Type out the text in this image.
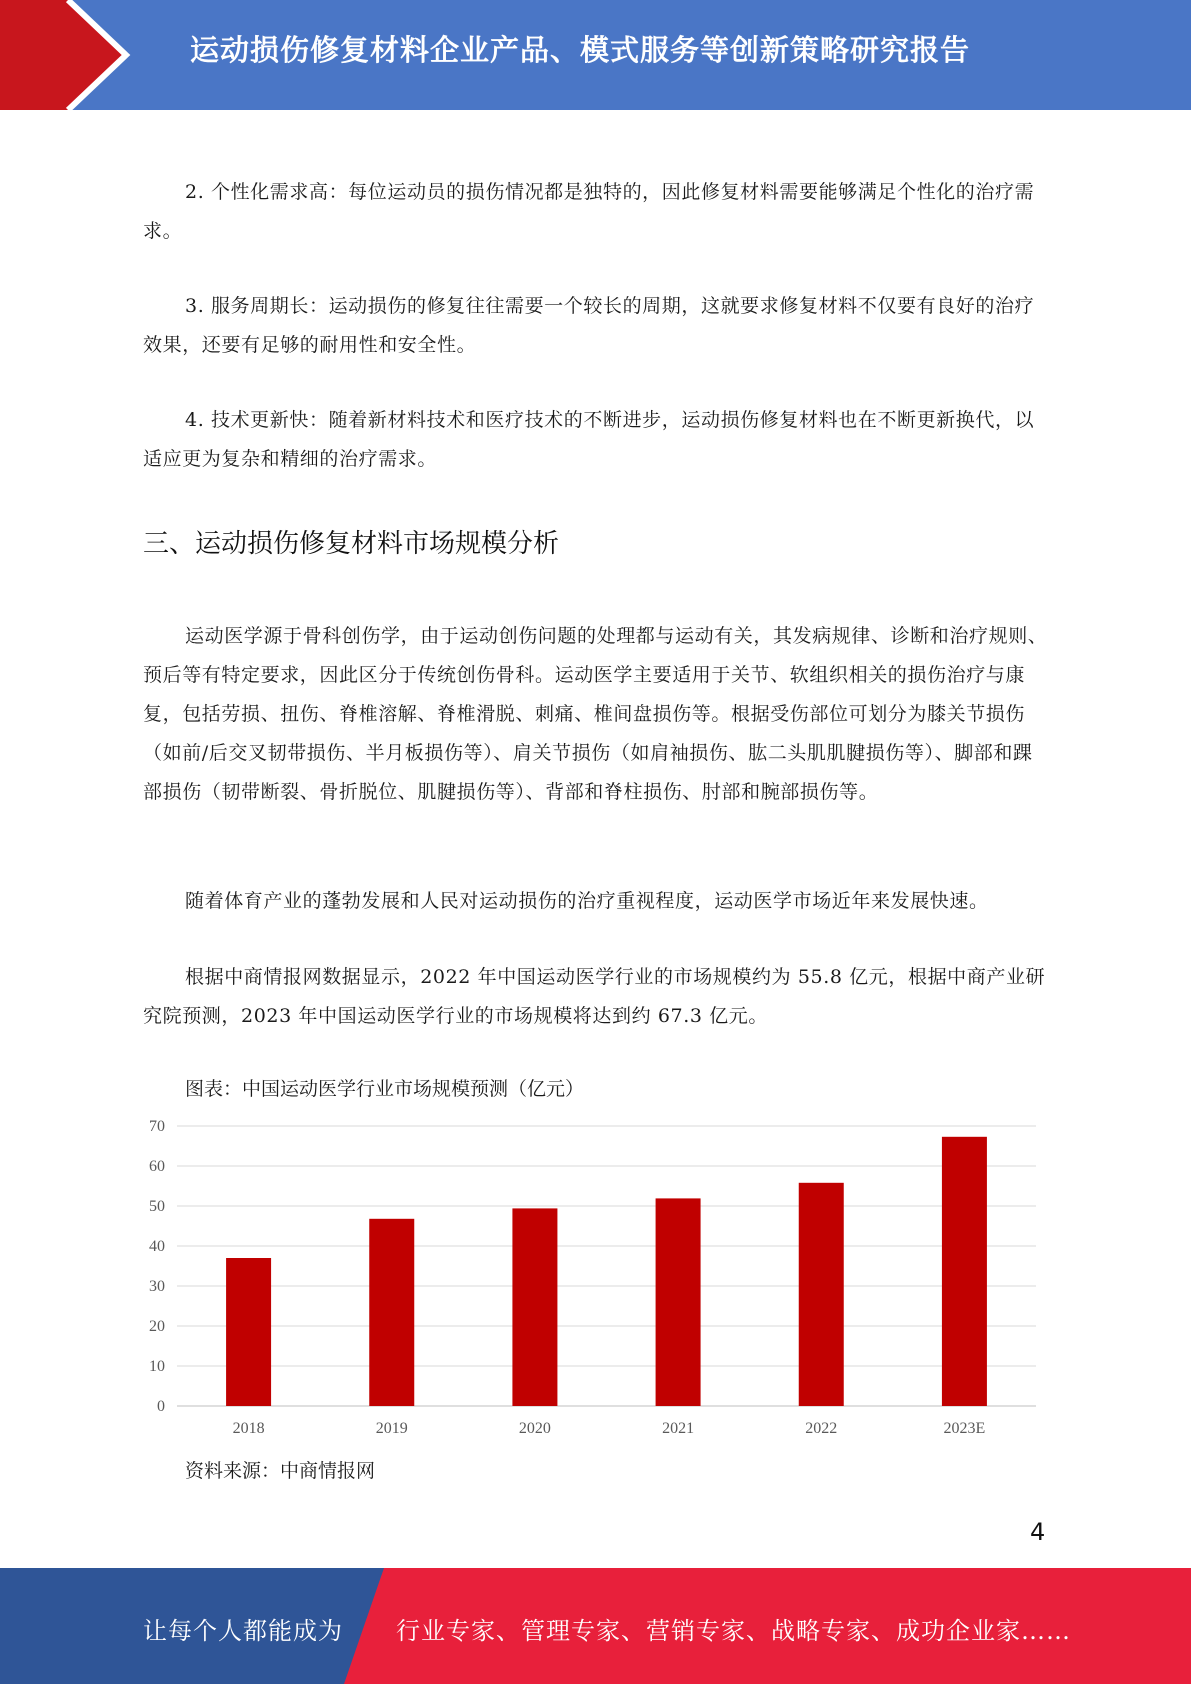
运动损伤修复材料企业产品、模式服务等创新策略研究报告

2. 个性化需求高：每位运动员的损伤情况都是独特的，因此修复材料需要能够满足个性化的治疗需求。

3. 服务周期长：运动损伤的修复往往需要一个较长的周期，这就要求修复材料不仅要有良好的治疗效果，还要有足够的耐用性和安全性。

4. 技术更新快：随着新材料技术和医疗技术的不断进步，运动损伤修复材料也在不断更新换代，以适应更为复杂和精细的治疗需求。

三、运动损伤修复材料市场规模分析

运动医学源于骨科创伤学，由于运动创伤问题的处理都与运动有关，其发病规律、诊断和治疗规则、预后等有特定要求，因此区分于传统创伤骨科。运动医学主要适用于关节、软组织相关的损伤治疗与康复，包括劳损、扭伤、脊椎溶解、脊椎滑脱、刺痛、椎间盘损伤等。根据受伤部位可划分为膝关节损伤（如前/后交叉韧带损伤、半月板损伤等）、肩关节损伤（如肩袖损伤、肱二头肌肌腱损伤等）、脚部和踝部损伤（韧带断裂、骨折脱位、肌腱损伤等）、背部和脊柱损伤、肘部和腕部损伤等。

随着体育产业的蓬勃发展和人民对运动损伤的治疗重视程度，运动医学市场近年来发展快速。

根据中商情报网数据显示，2022 年中国运动医学行业的市场规模约为 55.8 亿元，根据中商产业研究院预测，2023 年中国运动医学行业的市场规模将达到约 67.3 亿元。

图表：中国运动医学行业市场规模预测（亿元）
0
10
20
30
40
50
60
70
2018	2019	2020	2021	2022	2023E
资料来源：中商情报网
4
让每个人都能成为 行业专家、管理专家、营销专家、战略专家、成功企业家……
